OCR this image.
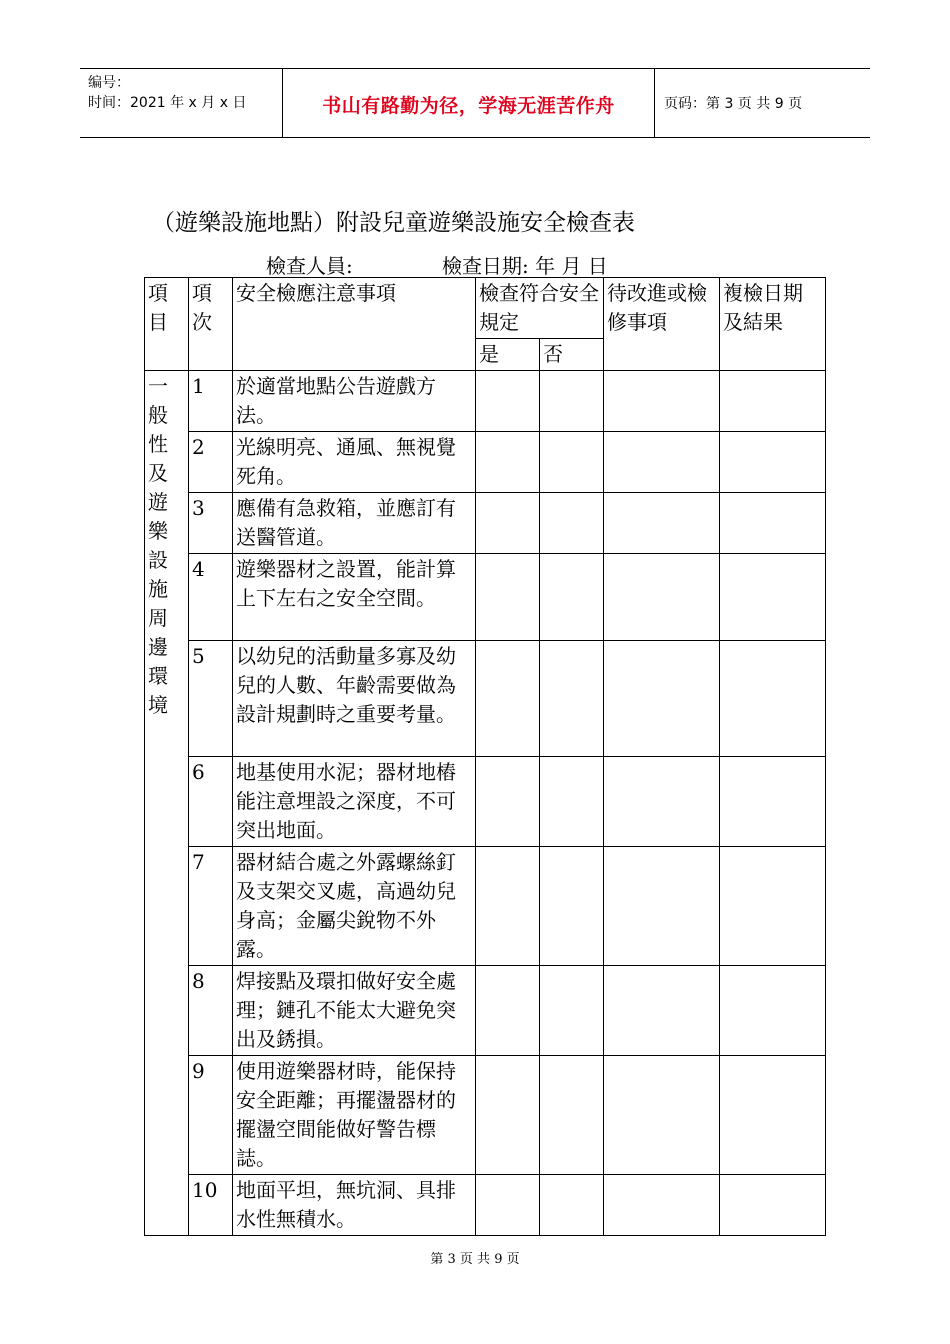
编号：
时间：2021 年 x 月 x 日	书山有路勤为径，学海无涯苦作舟	页码：第 3 页 共 9 页
（遊樂設施地點）附設兒童遊樂設施安全檢查表
檢查人員:	檢查日期: 年 月 日
項目	項次	安全檢應注意事項	檢查符合安全規定		待改進或檢修事項	複檢日期及結果
			是	否		

一般性及遊樂設施周邊環境	1	於適當地點公告遊戲方法。				
	2	光線明亮、通風、無視覺死角。				
	3	應備有急救箱，並應訂有送醫管道。				
	4	遊樂器材之設置，能計算上下左右之安全空間。				
	5	以幼兒的活動量多寡及幼兒的人數、年齡需要做為設計規劃時之重要考量。				
	6	地基使用水泥；器材地樁能注意埋設之深度，不可突出地面。				
	7	器材結合處之外露螺絲釘及支架交叉處，高過幼兒身高；金屬尖銳物不外露。				
	8	焊接點及環扣做好安全處理；鏈孔不能太大避免突出及銹損。				
	9	使用遊樂器材時，能保持安全距離；再擺盪器材的擺盪空間能做好警告標誌。				
	10	地面平坦，無坑洞、具排水性無積水。				
第 3 页 共 9 页
